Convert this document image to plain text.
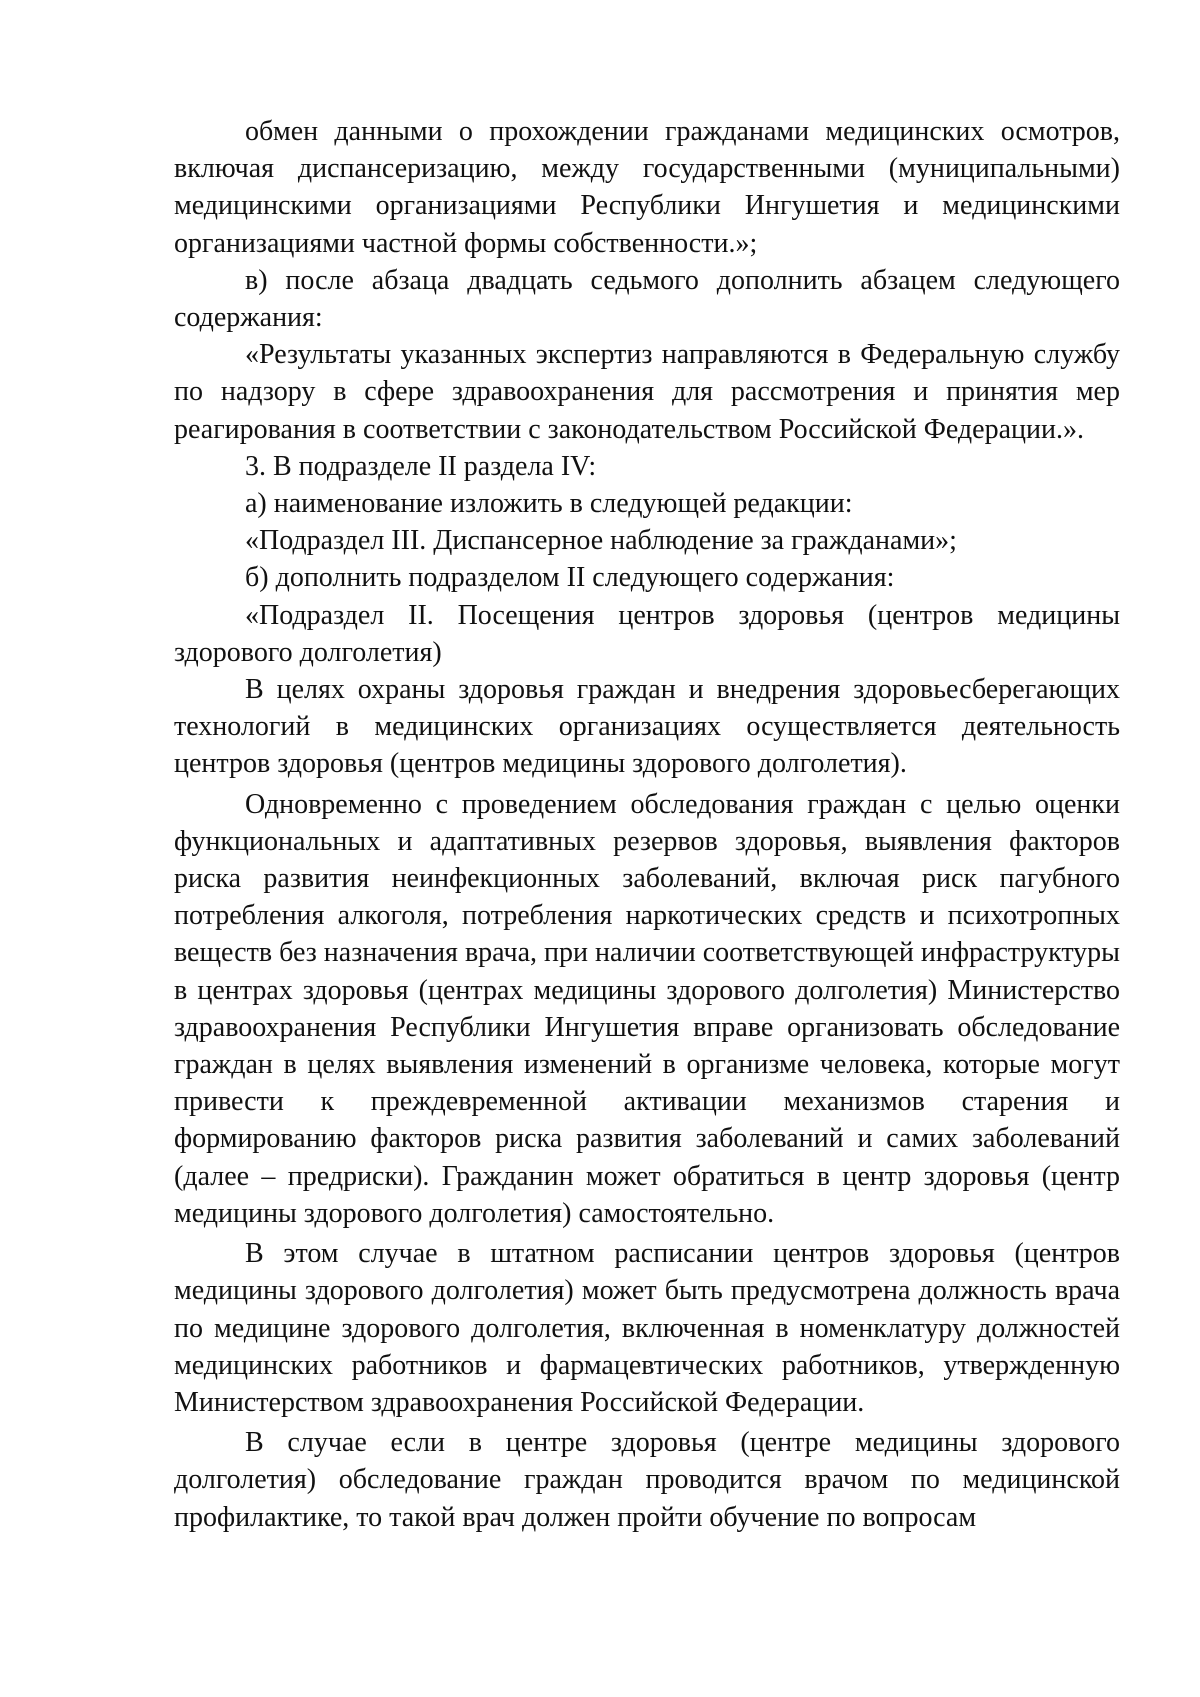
обмен данными о прохождении гражданами медицинских осмотров, включая диспансеризацию, между государственными (муниципальными) медицинскими организациями Республики Ингушетия и медицинскими организациями частной формы собственности.»;

в) после абзаца двадцать седьмого дополнить абзацем следующего содержания:

«Результаты указанных экспертиз направляются в Федеральную службу по надзору в сфере здравоохранения для рассмотрения и принятия мер реагирования в соответствии с законодательством Российской Федерации.».

3. В подразделе II раздела IV:

а) наименование изложить в следующей редакции:

«Подраздел III. Диспансерное наблюдение за гражданами»;

б) дополнить подразделом II следующего содержания:

«Подраздел II. Посещения центров здоровья (центров медицины здорового долголетия)

В целях охраны здоровья граждан и внедрения здоровьесберегающих технологий в медицинских организациях осуществляется деятельность центров здоровья (центров медицины здорового долголетия).

Одновременно с проведением обследования граждан с целью оценки функциональных и адаптативных резервов здоровья, выявления факторов риска развития неинфекционных заболеваний, включая риск пагубного потребления алкоголя, потребления наркотических средств и психотропных веществ без назначения врача, при наличии соответствующей инфраструктуры в центрах здоровья (центрах медицины здорового долголетия) Министерство здравоохранения Республики Ингушетия вправе организовать обследование граждан в целях выявления изменений в организме человека, которые могут привести к преждевременной активации механизмов старения и формированию факторов риска развития заболеваний и самих заболеваний (далее – предриски). Гражданин может обратиться в центр здоровья (центр медицины здорового долголетия) самостоятельно.

В этом случае в штатном расписании центров здоровья (центров медицины здорового долголетия) может быть предусмотрена должность врача по медицине здорового долголетия, включенная в номенклатуру должностей медицинских работников и фармацевтических работников, утвержденную Министерством здравоохранения Российской Федерации.

В случае если в центре здоровья (центре медицины здорового долголетия) обследование граждан проводится врачом по медицинской профилактике, то такой врач должен пройти обучение по вопросам
